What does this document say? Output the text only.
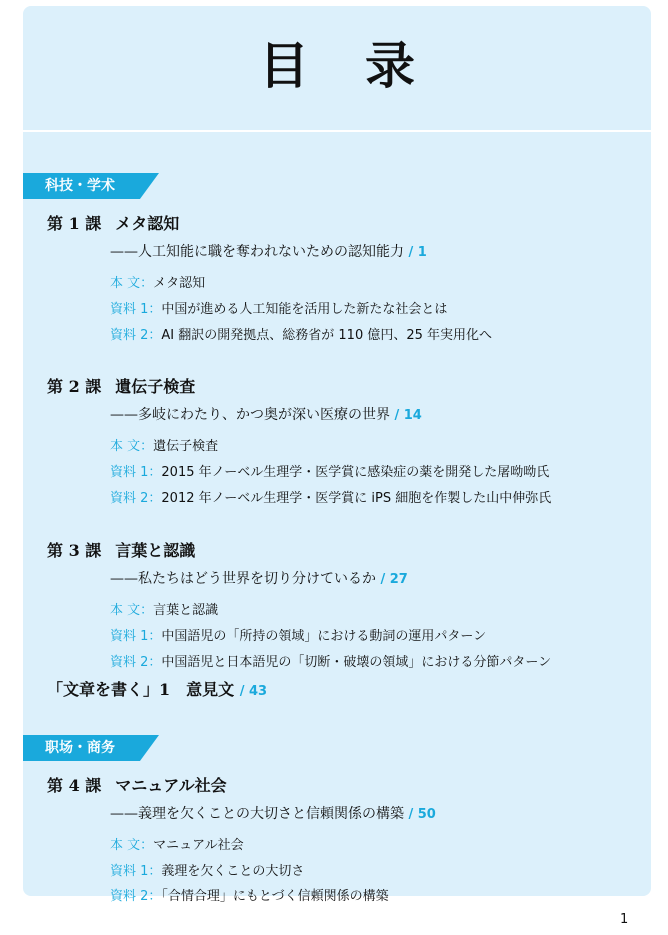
目录
科技・学术
第 1 課 メタ認知
——人工知能に職を奪われないための認知能力 / 1
本 文：メタ認知
資料 1：中国が進める人工知能を活用した新たな社会とは
資料 2：AI 翻訳の開発拠点、総務省が 110 億円、25 年実用化へ
第 2 課 遺伝子検査
——多岐にわたり、かつ奥が深い医療の世界 / 14
本 文：遺伝子検査
資料 1：2015 年ノーベル生理学・医学賞に感染症の薬を開発した屠呦呦氏
資料 2：2012 年ノーベル生理学・医学賞に iPS 細胞を作製した山中伸弥氏
第 3 課 言葉と認識
——私たちはどう世界を切り分けているか / 27
本 文：言葉と認識
資料 1：中国語児の「所持の領域」における動詞の運用パターン
資料 2：中国語児と日本語児の「切断・破壊の領域」における分節パターン
「文章を書く」1　意見文 / 43
职场・商务
第 4 課 マニュアル社会
——義理を欠くことの大切さと信頼関係の構築 / 50
本 文：マニュアル社会
資料 1：義理を欠くことの大切さ
資料 2：「合情合理」にもとづく信頼関係の構築
1
